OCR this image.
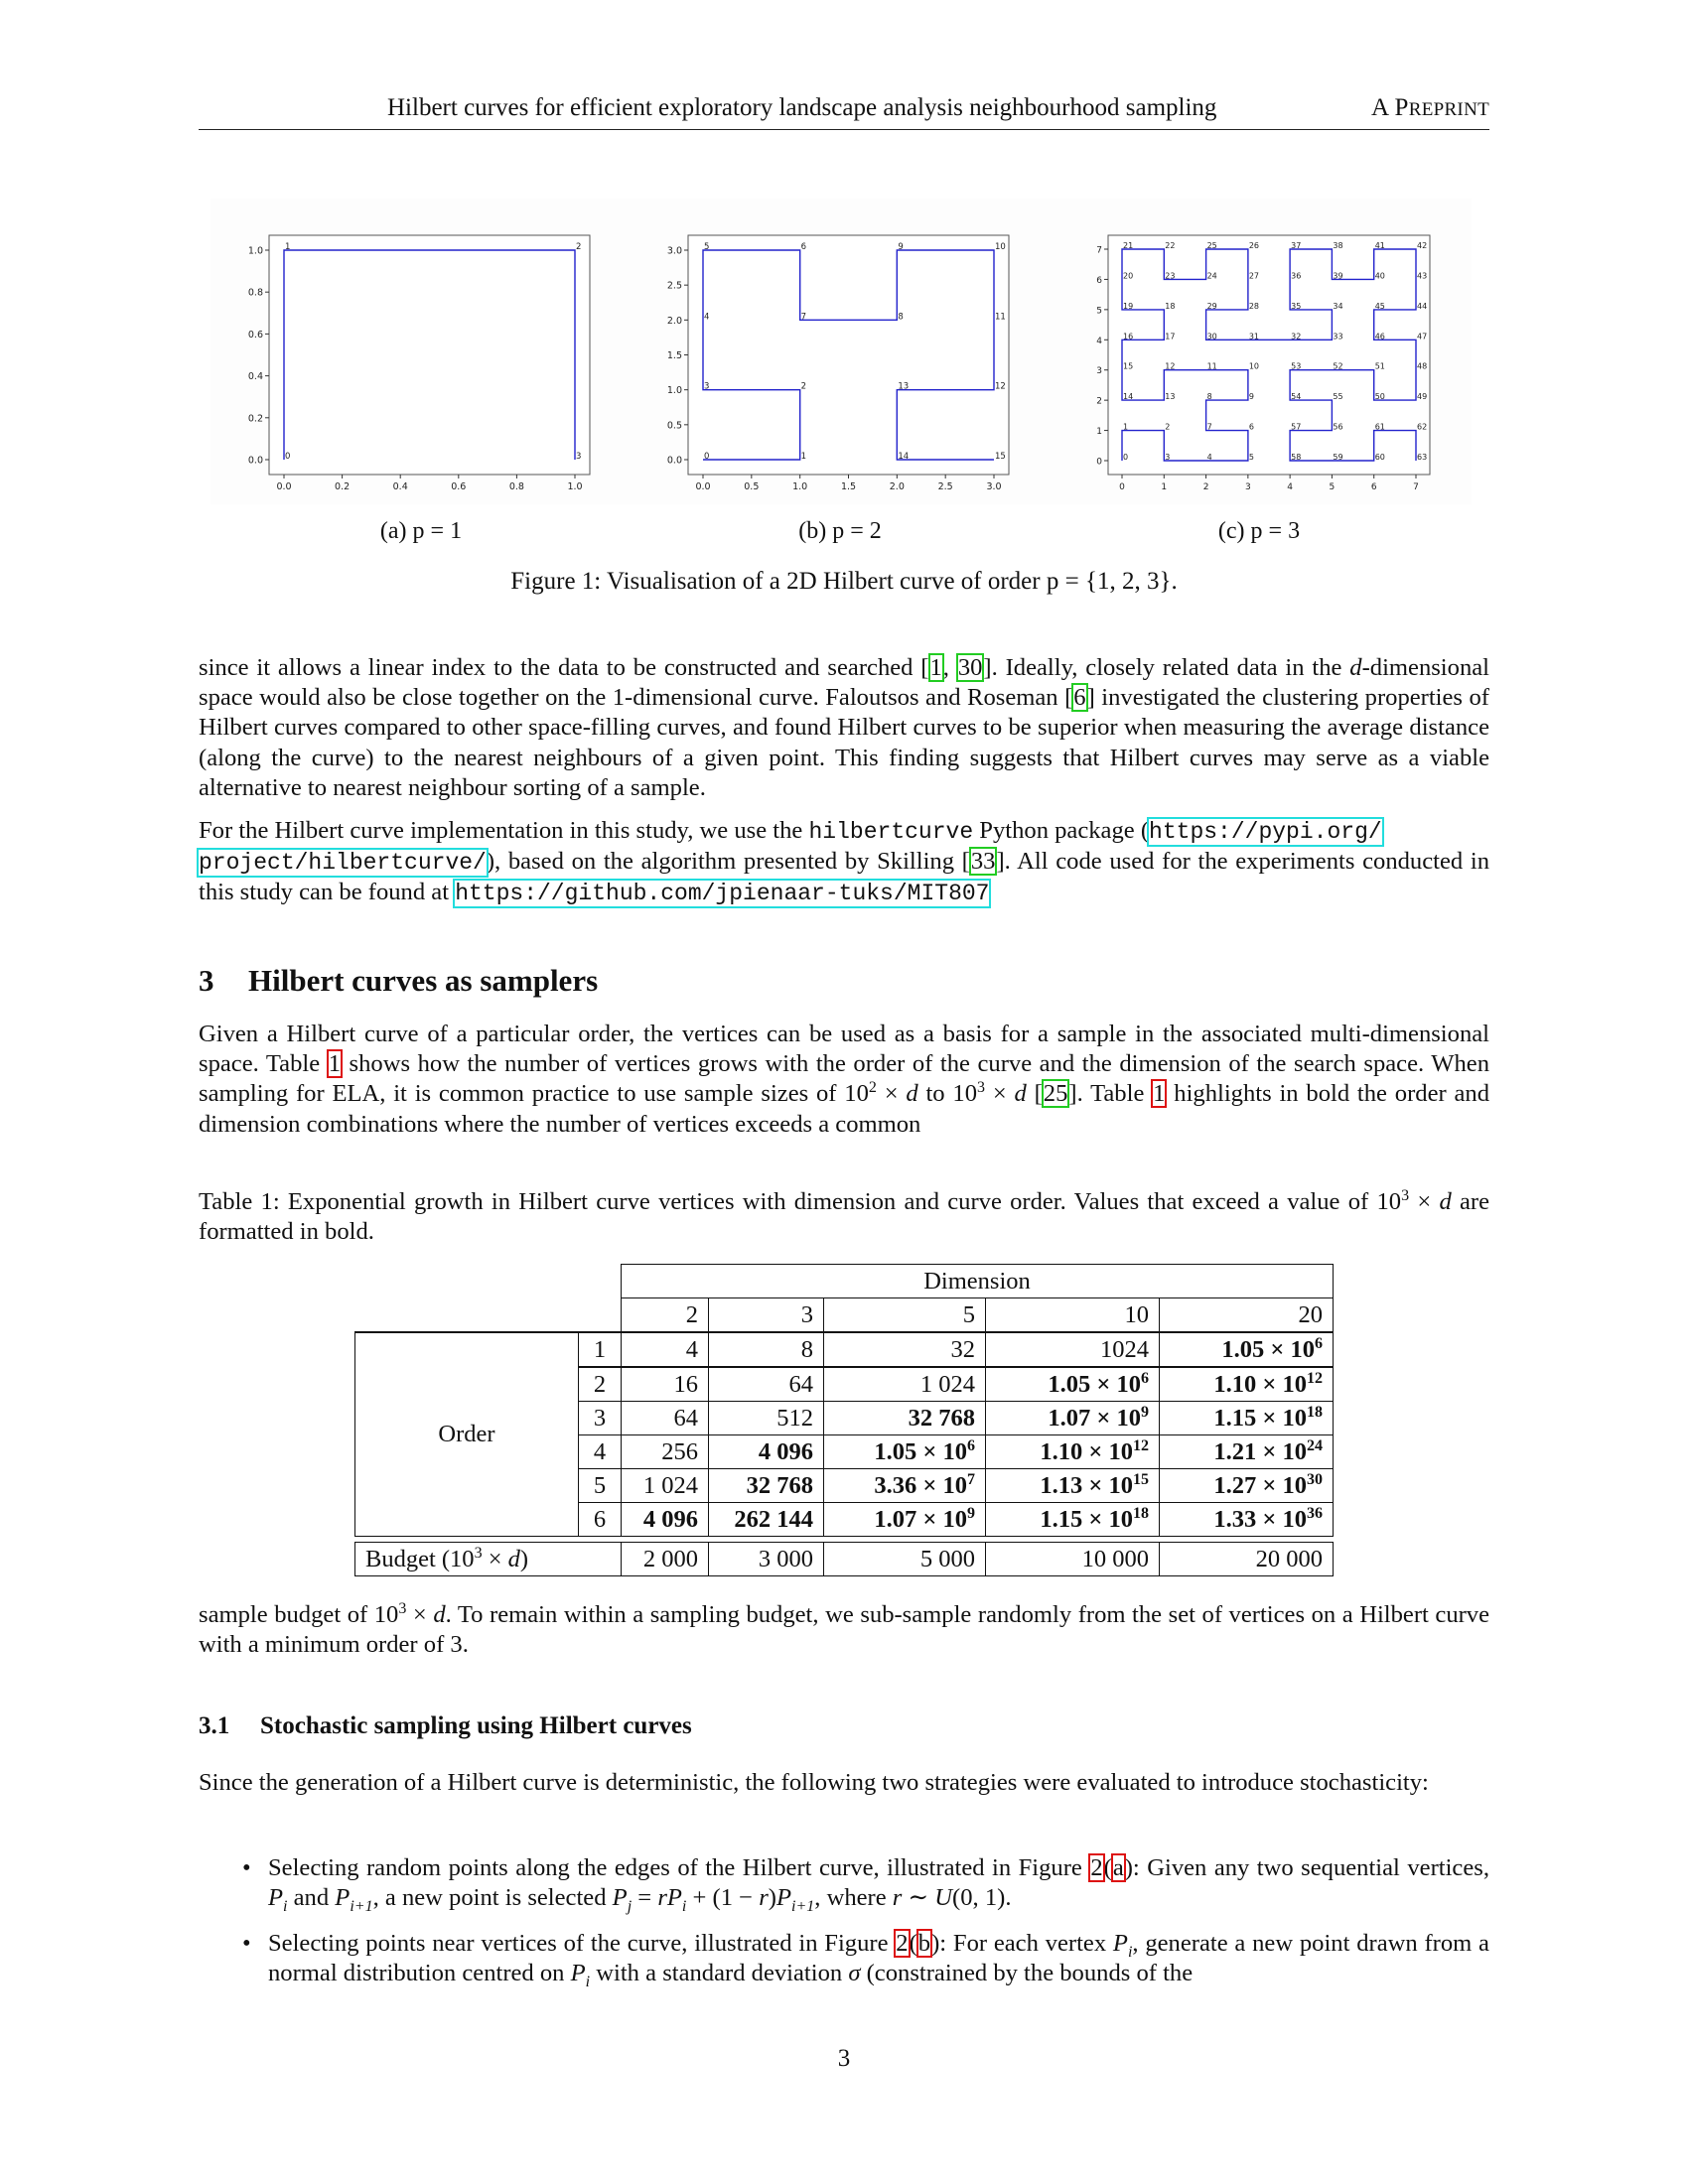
Hilbert curves for efficient exploratory landscape analysis neighbourhood sampling	A PREPRINT
0.0	0.2	0.4	0.6	0.8	1.0
0.0
0.2
0.4
0.6
0.8
1.0
0
1	2
3
0.0	0.5	1.0	1.5	2.0	2.5	3.0
0.0
0.5
1.0
1.5
2.0
2.5
3.0
0	1
2
3
4
5	6
7	8
9	10
11
12
13
14	15
0	1	2	3	4	5	6	7
0
1
2
3
4
5
6
7
0
1	2
3	4	5
6
7
8	9
10
11
12
13
14
15
16	17
18
19
20
21	22
23	24
25	26
27
28
29
30	31	32	33
34
35
36
37	38
39	40
41	42
43
44
45
46	47
48
49
50
51
52
53
54	55
56
57
58	59	60
61	62
63
(a) p = 1	(b) p = 2	(c) p = 3
Figure 1: Visualisation of a 2D Hilbert curve of order p = {1, 2, 3}.
since it allows a linear index to the data to be constructed and searched [1, 30]. Ideally, closely related data in the d-dimensional space would also be close together on the 1-dimensional curve. Faloutsos and Roseman [6] investigated the clustering properties of Hilbert curves compared to other space-filling curves, and found Hilbert curves to be superior when measuring the average distance (along the curve) to the nearest neighbours of a given point. This finding suggests that Hilbert curves may serve as a viable alternative to nearest neighbour sorting of a sample.
For the Hilbert curve implementation in this study, we use the hilbertcurve Python package (https://pypi.org/
project/hilbertcurve/), based on the algorithm presented by Skilling [33]. All code used for the experiments conducted in this study can be found at https://github.com/jpienaar-tuks/MIT807
3 Hilbert curves as samplers
Given a Hilbert curve of a particular order, the vertices can be used as a basis for a sample in the associated multi-dimensional space. Table 1 shows how the number of vertices grows with the order of the curve and the dimension of the search space. When sampling for ELA, it is common practice to use sample sizes of $10^2 \times d$ to $10^3 \times d$ [25]. Table 1 highlights in bold the order and dimension combinations where the number of vertices exceeds a common
Table 1: Exponential growth in Hilbert curve vertices with dimension and curve order. Values that exceed a value of $10^3 \times d$ are formatted in bold.
		Dimension				
		2	3	5	10	20
Order	1	4	8	32	1024	$1.05 \times 10^6$
	2	16	64	1 024	$1.05 \times 10^6$	$1.10 \times 10^{12}$
	3	64	512	32 768	$1.07 \times 10^9$	$1.15 \times 10^{18}$
	4	256	4 096	$1.05 \times 10^6$	$1.10 \times 10^{12}$	$1.21 \times 10^{24}$
	5	1 024	32 768	$3.36 \times 10^7$	$1.13 \times 10^{15}$	$1.27 \times 10^{30}$
	6	4 096	262 144	$1.07 \times 10^9$	$1.15 \times 10^{18}$	$1.33 \times 10^{36}$
Budget $(10^3 \times d)$	2 000	3 000	5 000	10 000	20 000
sample budget of $10^3 \times d$. To remain within a sampling budget, we sub-sample randomly from the set of vertices on a Hilbert curve with a minimum order of 3.
3.1 Stochastic sampling using Hilbert curves
Since the generation of a Hilbert curve is deterministic, the following two strategies were evaluated to introduce stochasticity:
• Selecting random points along the edges of the Hilbert curve, illustrated in Figure 2(a): Given any two sequential vertices, $P_i$ and $P_{i+1}$, a new point is selected $P_j = rP_i + (1 - r)P_{i+1}$, where r ∼ U(0, 1).
• Selecting points near vertices of the curve, illustrated in Figure 2(b): For each vertex $P_i$, generate a new point drawn from a normal distribution centred on $P_i$ with a standard deviation σ (constrained by the bounds of the
3
